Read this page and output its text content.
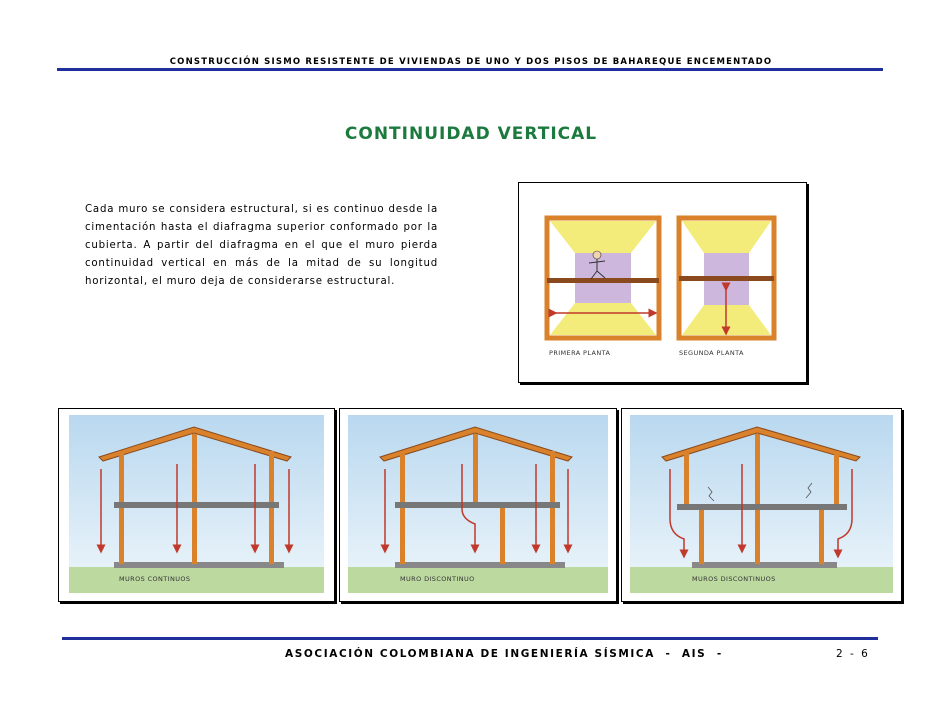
CONSTRUCCIÓN SISMO RESISTENTE DE VIVIENDAS DE UNO Y DOS PISOS DE BAHAREQUE ENCEMENTADO
CONTINUIDAD VERTICAL
Cada muro se considera estructural, si es continuo desde la cimentación hasta el diafragma superior conformado por la cubierta. A partir del diafragma en el que el muro pierda continuidad vertical en más de la mitad de su longitud horizontal, el muro deja de considerarse estructural.
PRIMERA PLANTA	SEGUNDA PLANTA
MUROS CONTINUOS	MURO DISCONTINUO	MUROS DISCONTINUOS
ASOCIACIÓN COLOMBIANA DE INGENIERÍA SÍSMICA  -  AIS  -	2 - 6
